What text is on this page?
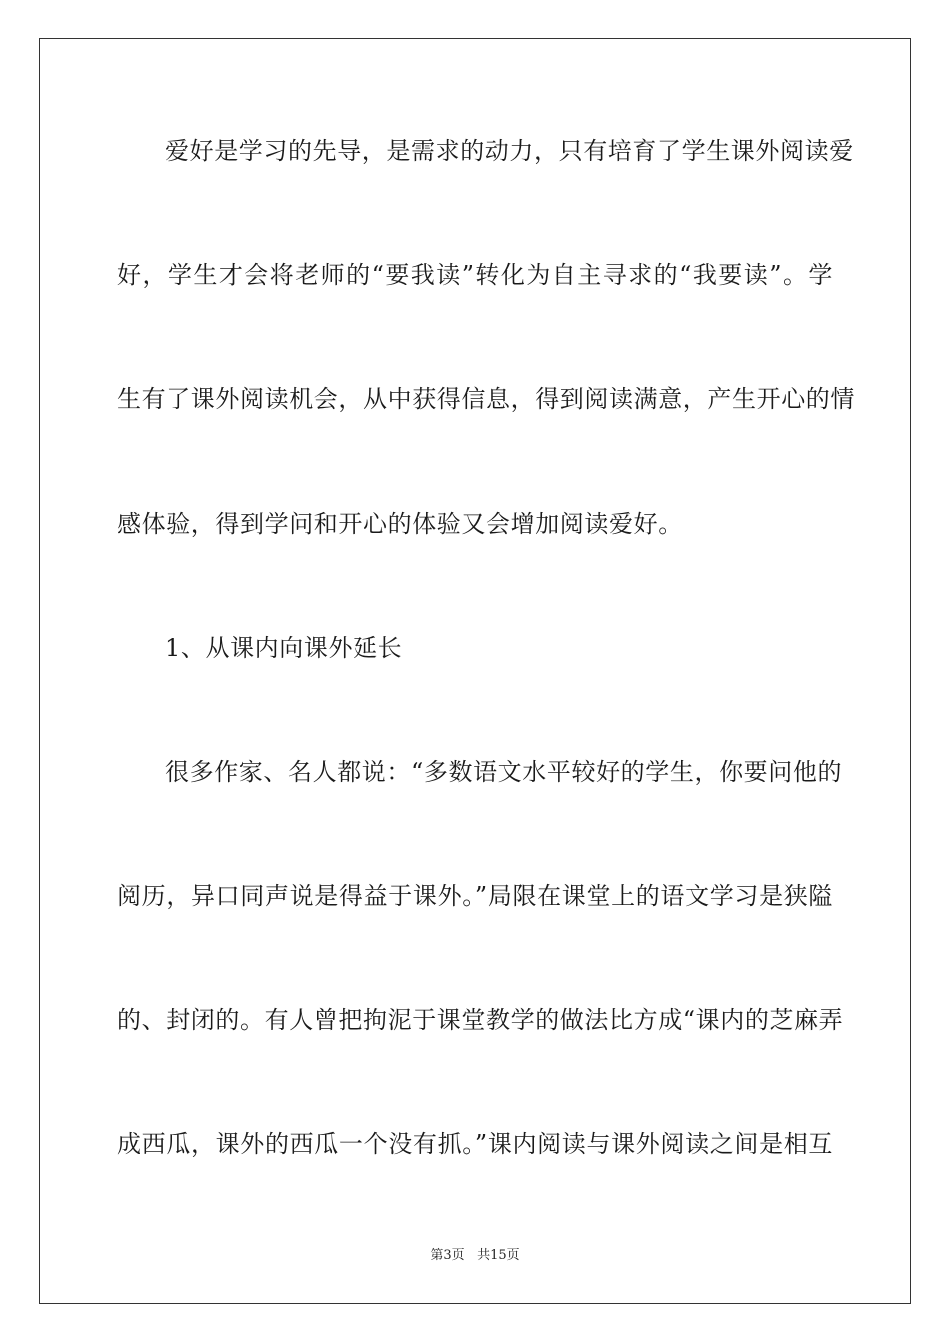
爱好是学习的先导，是需求的动力，只有培育了学生课外阅读爱
好，学生才会将老师的“要我读”转化为自主寻求的“我要读”。学
生有了课外阅读机会，从中获得信息，得到阅读满意，产生开心的情
感体验，得到学问和开心的体验又会增加阅读爱好。
1、从课内向课外延长
很多作家、名人都说：“多数语文水平较好的学生，你要问他的
阅历，异口同声说是得益于课外。”局限在课堂上的语文学习是狭隘
的、封闭的。有人曾把拘泥于课堂教学的做法比方成“课内的芝麻弄
成西瓜，课外的西瓜一个没有抓。”课内阅读与课外阅读之间是相互
第3页 共15页
